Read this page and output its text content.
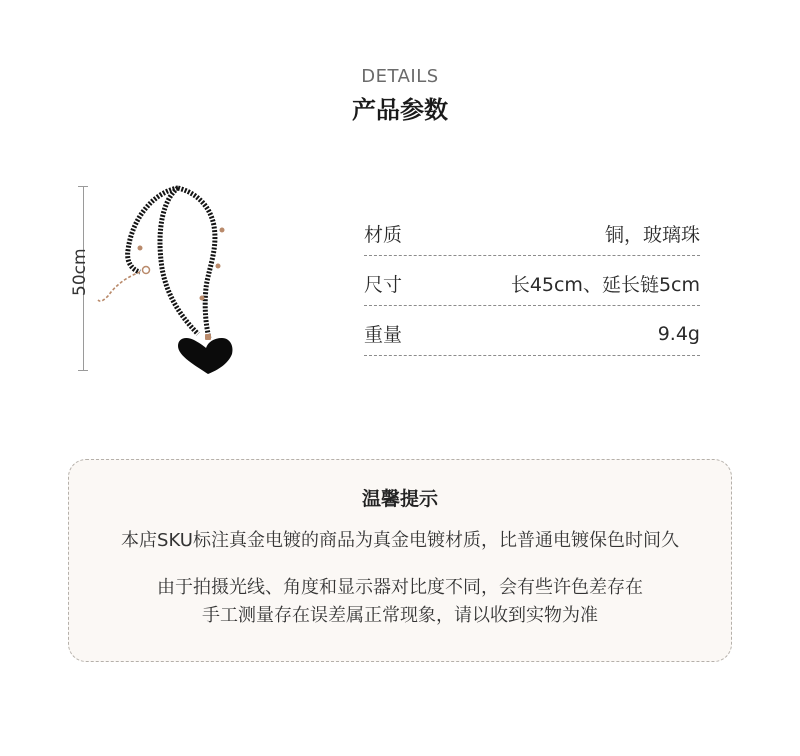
DETAILS
产品参数
50cm
材质	铜，玻璃珠
尺寸	长45cm、延长链5cm
重量	9.4g
温馨提示
本店SKU标注真金电镀的商品为真金电镀材质，比普通电镀保色时间久
由于拍摄光线、角度和显示器对比度不同，会有些许色差存在
手工测量存在误差属正常现象，请以收到实物为准
